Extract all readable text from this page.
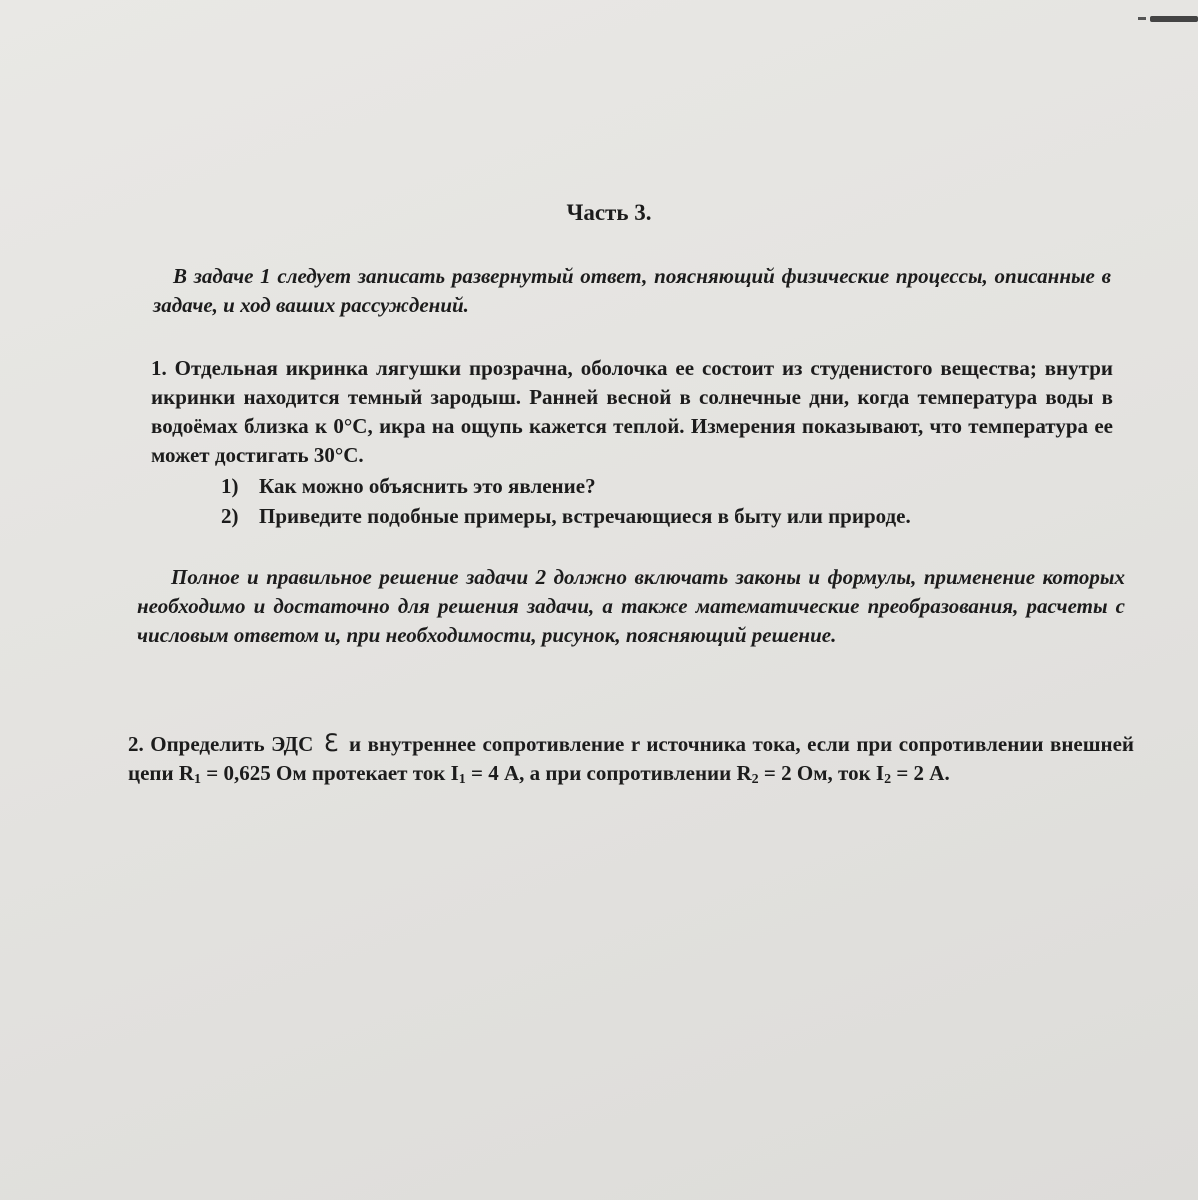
Часть 3.
В задаче 1 следует записать развернутый ответ, поясняющий физические процессы, описанные в задаче, и ход ваших рассуждений.
1. Отдельная икринка лягушки прозрачна, оболочка ее состоит из студенистого вещества; внутри икринки находится темный зародыш. Ранней весной в солнечные дни, когда температура воды в водоёмах близка к 0°С, икра на ощупь кажется теплой. Измерения показывают, что температура ее может достигать 30°С.
1) Как можно объяснить это явление?
2) Приведите подобные примеры, встречающиеся в быту или природе.
Полное и правильное решение задачи 2 должно включать законы и формулы, применение которых необходимо и достаточно для решения задачи, а также математические преобразования, расчеты с числовым ответом и, при необходимости, рисунок, поясняющий решение.
2. Определить ЭДС ℇ и внутреннее сопротивление r источника тока, если при сопротивлении внешней цепи $R_1 = 0,625$ Ом протекает ток $I_1 = 4$ А, а при сопротивлении $R_2 = 2$ Ом, ток $I_2 = 2$ А.
